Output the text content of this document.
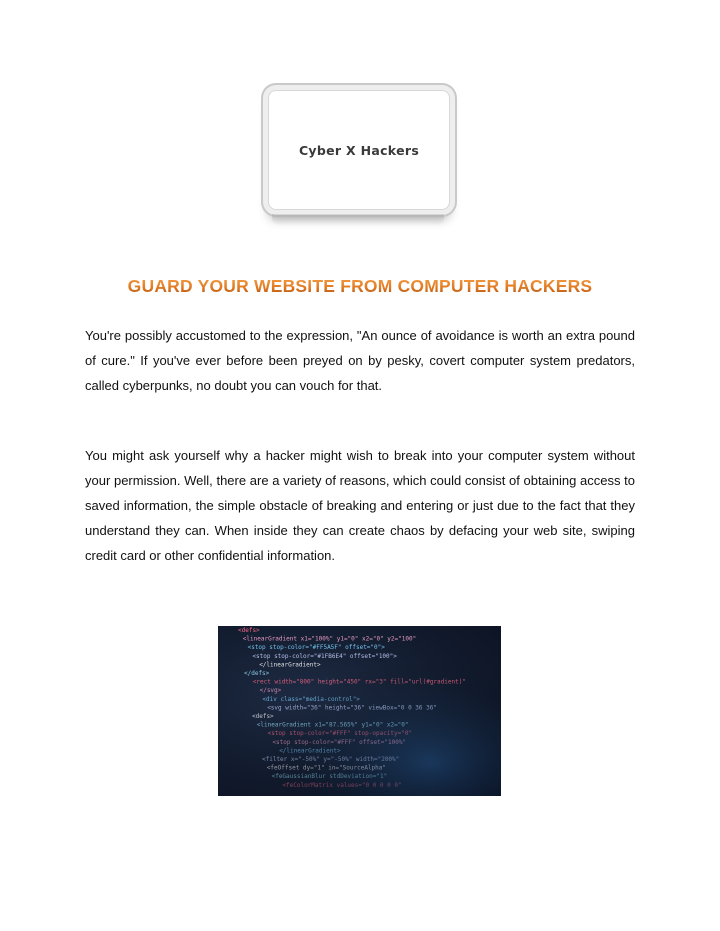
Cyber X Hackers
GUARD YOUR WEBSITE FROM COMPUTER HACKERS

You're possibly accustomed to the expression, "An ounce of avoidance is worth an extra pound of cure." If you've ever before been preyed on by pesky, covert computer system predators, called cyberpunks, no doubt you can vouch for that.

You might ask yourself why a hacker might wish to break into your computer system without your permission. Well, there are a variety of reasons, which could consist of obtaining access to saved information, the simple obstacle of breaking and entering or just due to the fact that they understand they can. When inside they can create chaos by defacing your web site, swiping credit card or other confidential information.
